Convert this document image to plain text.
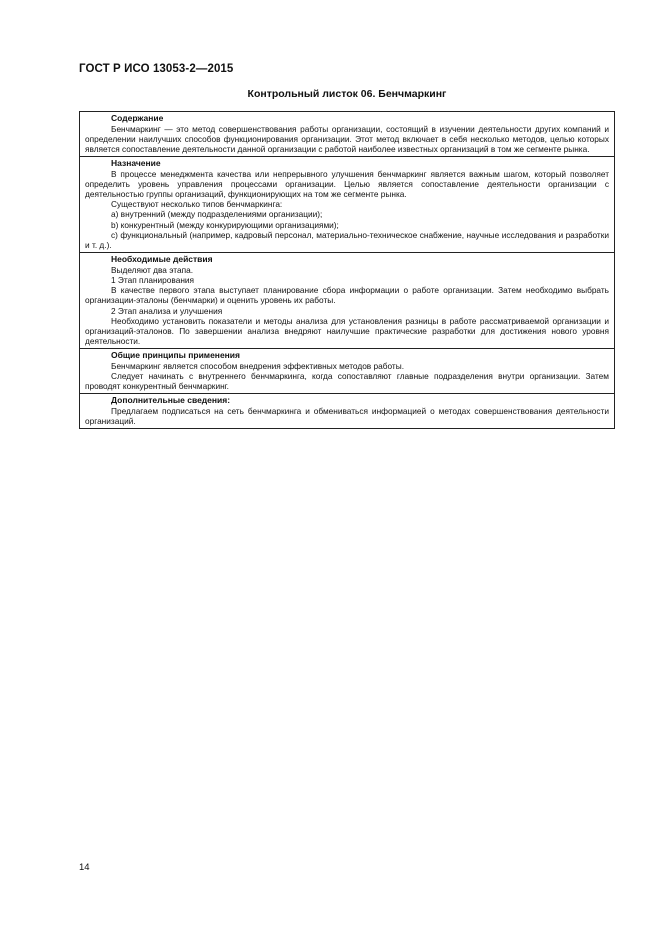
ГОСТ Р ИСО 13053-2—2015
Контрольный листок 06. Бенчмаркинг
Содержание

Бенчмаркинг — это метод совершенствования работы организации, состоящий в изучении деятельности других компаний и определении наилучших способов функционирования организации. Этот метод включает в себя несколько методов, целью которых является сопоставление деятельности данной организации с работой наиболее известных организаций в том же сегменте рынка.

Назначение

В процессе менеджмента качества или непрерывного улучшения бенчмаркинг является важным шагом, который позволяет определить уровень управления процессами организации. Целью является сопоставление деятельности организации с деятельностью группы организаций, функционирующих на том же сегменте рынка.

Существуют несколько типов бенчмаркинга:

a) внутренний (между подразделениями организации);

b) конкурентный (между конкурирующими организациями);

c) функциональный (например, кадровый персонал, материально-техническое снабжение, научные исследования и разработки и т. д.).

Необходимые действия

Выделяют два этапа.

1 Этап планирования

В качестве первого этапа выступает планирование сбора информации о работе организации. Затем необходимо выбрать организации-эталоны (бенчмарки) и оценить уровень их работы.

2 Этап анализа и улучшения

Необходимо установить показатели и методы анализа для установления разницы в работе рассматриваемой организации и организаций-эталонов. По завершении анализа внедряют наилучшие практические разработки для достижения нового уровня деятельности.

Общие принципы применения

Бенчмаркинг является способом внедрения эффективных методов работы.

Следует начинать с внутреннего бенчмаркинга, когда сопоставляют главные подразделения внутри организации. Затем проводят конкурентный бенчмаркинг.

Дополнительные сведения:

Предлагаем подписаться на сеть бенчмаркинга и обмениваться информацией о методах совершенствования деятельности организаций.

14
